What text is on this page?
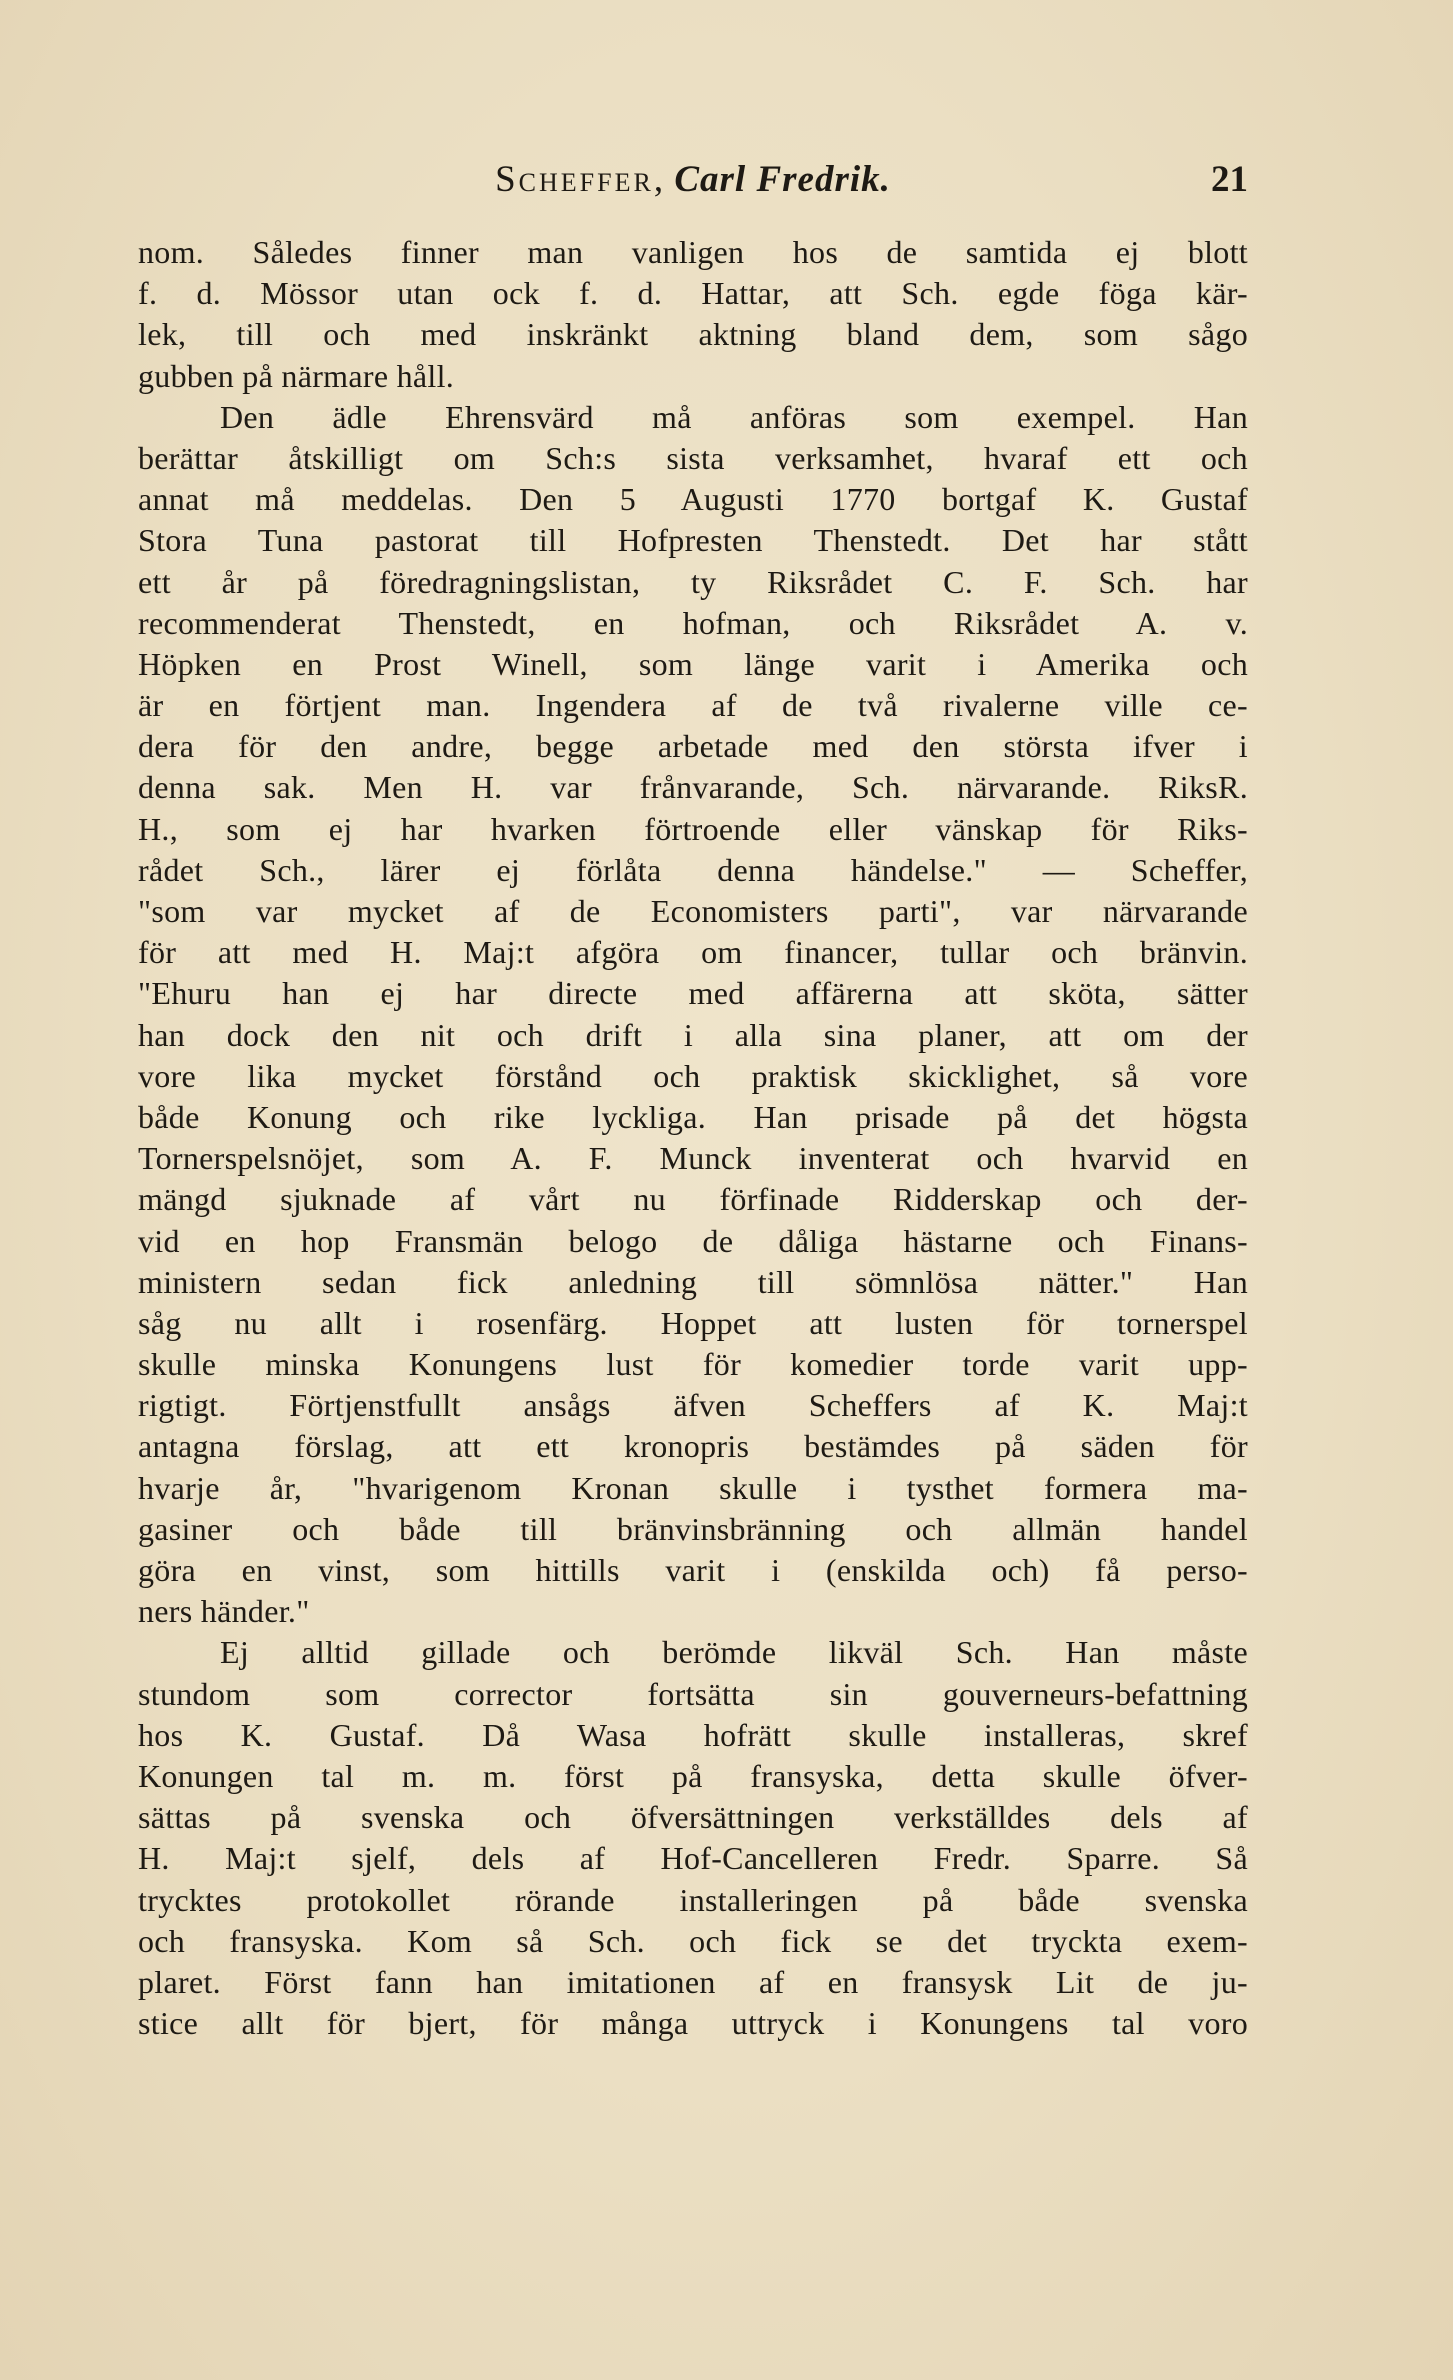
Scheffer, Carl Fredrik.	21
nom. Således finner man vanligen hos de samtida ej blott
f. d. Mössor utan ock f. d. Hattar, att Sch. egde föga kär-
lek, till och med inskränkt aktning bland dem, som sågo
gubben på närmare håll.
Den ädle Ehrensvärd må anföras som exempel. Han
berättar åtskilligt om Sch:s sista verksamhet, hvaraf ett och
annat må meddelas. Den 5 Augusti 1770 bortgaf K. Gustaf
Stora Tuna pastorat till Hofpresten Thenstedt. Det har stått
ett år på föredragningslistan, ty Riksrådet C. F. Sch. har
recommenderat Thenstedt, en hofman, och Riksrådet A. v.
Höpken en Prost Winell, som länge varit i Amerika och
är en förtjent man. Ingendera af de två rivalerne ville ce-
dera för den andre, begge arbetade med den största ifver i
denna sak. Men H. var frånvarande, Sch. närvarande. RiksR.
H., som ej har hvarken förtroende eller vänskap för Riks-
rådet Sch., lärer ej förlåta denna händelse." — Scheffer,
"som var mycket af de Economisters parti", var närvarande
för att med H. Maj:t afgöra om financer, tullar och bränvin.
"Ehuru han ej har directe med affärerna att sköta, sätter
han dock den nit och drift i alla sina planer, att om der
vore lika mycket förstånd och praktisk skicklighet, så vore
både Konung och rike lyckliga. Han prisade på det högsta
Tornerspelsnöjet, som A. F. Munck inventerat och hvarvid en
mängd sjuknade af vårt nu förfinade Ridderskap och der-
vid en hop Fransmän belogo de dåliga hästarne och Finans-
ministern sedan fick anledning till sömnlösa nätter." Han
såg nu allt i rosenfärg. Hoppet att lusten för tornerspel
skulle minska Konungens lust för komedier torde varit upp-
rigtigt. Förtjenstfullt ansågs äfven Scheffers af K. Maj:t
antagna förslag, att ett kronopris bestämdes på säden för
hvarje år, "hvarigenom Kronan skulle i tysthet formera ma-
gasiner och både till bränvinsbränning och allmän handel
göra en vinst, som hittills varit i (enskilda och) få perso-
ners händer."
Ej alltid gillade och berömde likväl Sch. Han måste
stundom som corrector fortsätta sin gouverneurs-befattning
hos K. Gustaf. Då Wasa hofrätt skulle installeras, skref
Konungen tal m. m. först på fransyska, detta skulle öfver-
sättas på svenska och öfversättningen verkställdes dels af
H. Maj:t sjelf, dels af Hof-Cancelleren Fredr. Sparre. Så
trycktes protokollet rörande installeringen på både svenska
och fransyska. Kom så Sch. och fick se det tryckta exem-
plaret. Först fann han imitationen af en fransysk Lit de ju-
stice allt för bjert, för många uttryck i Konungens tal voro
